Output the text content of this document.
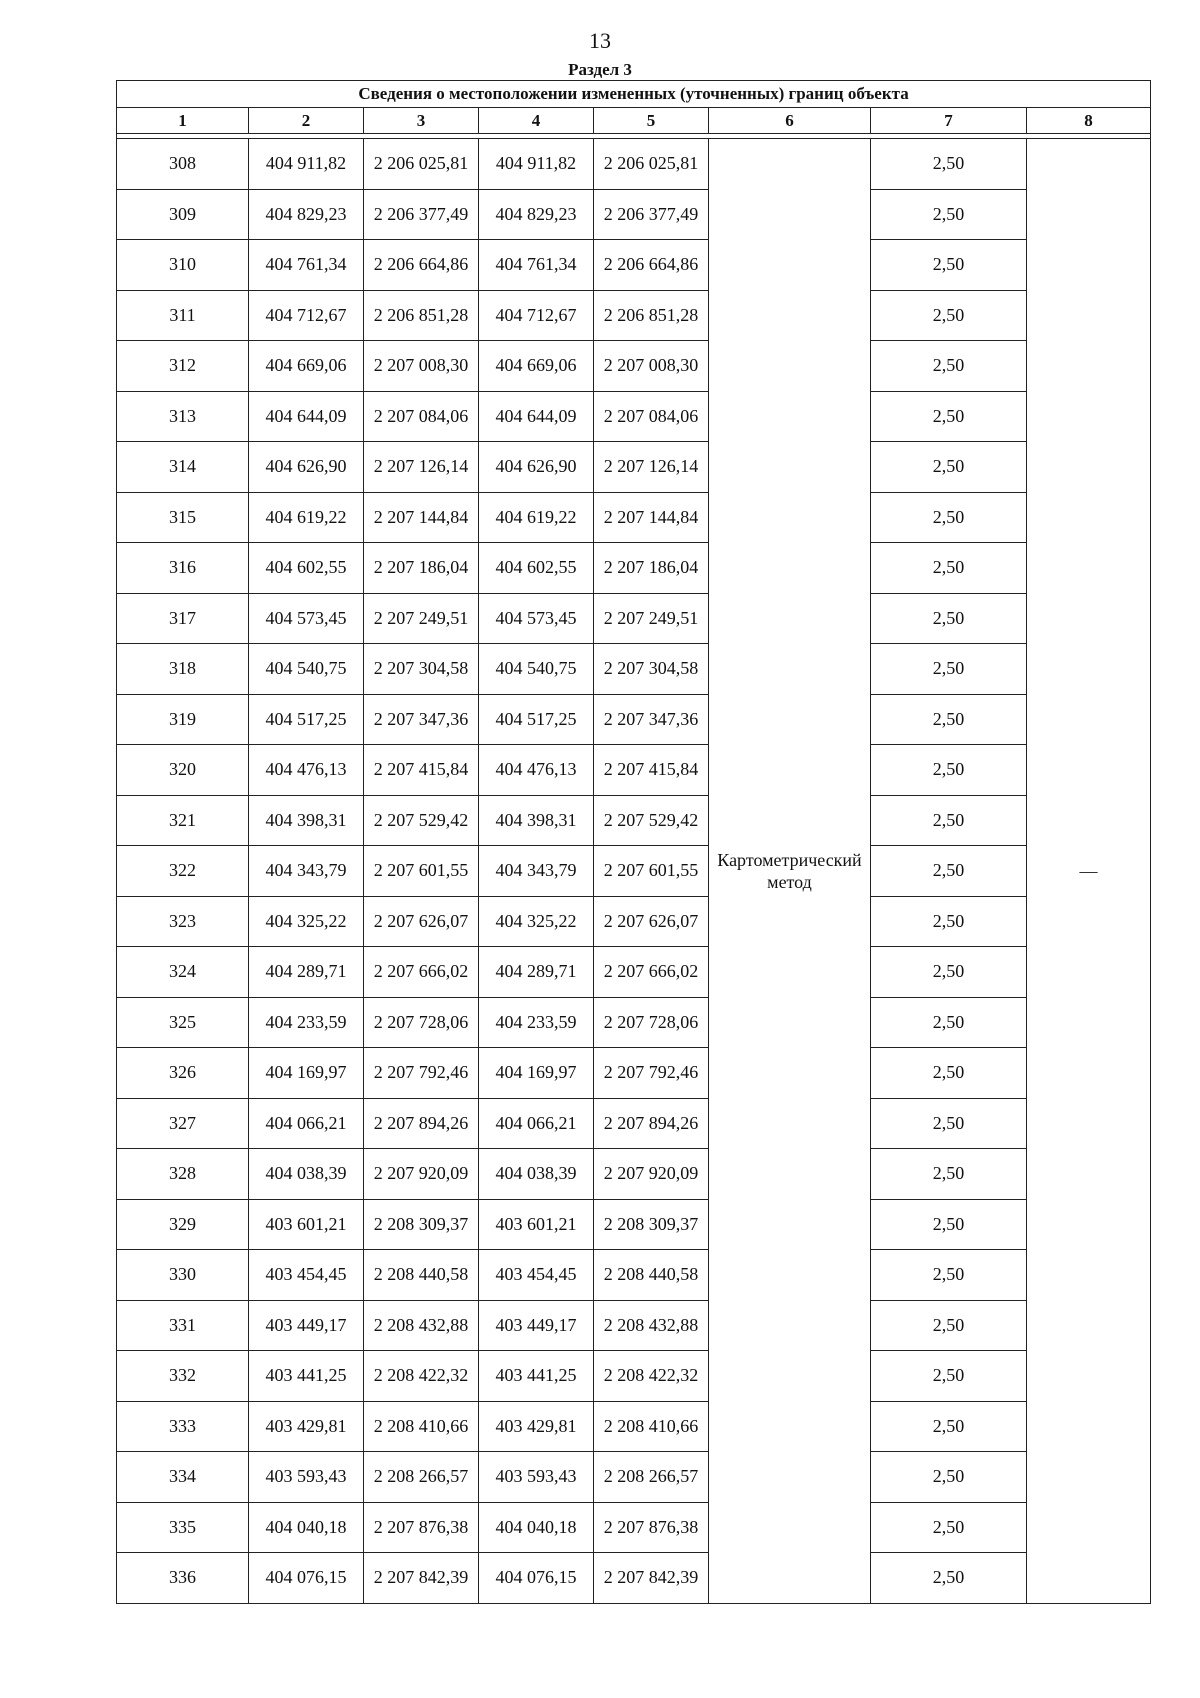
13
Раздел 3
Сведения о местоположении измененных (уточненных) границ объекта							
1	2	3	4	5	6	7	8

308	404 911,82	2 206 025,81	404 911,82	2 206 025,81	Картометрический метод	2,50	—
309	404 829,23	2 206 377,49	404 829,23	2 206 377,49		2,50	
310	404 761,34	2 206 664,86	404 761,34	2 206 664,86		2,50	
311	404 712,67	2 206 851,28	404 712,67	2 206 851,28		2,50	
312	404 669,06	2 207 008,30	404 669,06	2 207 008,30		2,50	
313	404 644,09	2 207 084,06	404 644,09	2 207 084,06		2,50	
314	404 626,90	2 207 126,14	404 626,90	2 207 126,14		2,50	
315	404 619,22	2 207 144,84	404 619,22	2 207 144,84		2,50	
316	404 602,55	2 207 186,04	404 602,55	2 207 186,04		2,50	
317	404 573,45	2 207 249,51	404 573,45	2 207 249,51		2,50	
318	404 540,75	2 207 304,58	404 540,75	2 207 304,58		2,50	
319	404 517,25	2 207 347,36	404 517,25	2 207 347,36		2,50	
320	404 476,13	2 207 415,84	404 476,13	2 207 415,84		2,50	
321	404 398,31	2 207 529,42	404 398,31	2 207 529,42		2,50	
322	404 343,79	2 207 601,55	404 343,79	2 207 601,55		2,50	
323	404 325,22	2 207 626,07	404 325,22	2 207 626,07		2,50	
324	404 289,71	2 207 666,02	404 289,71	2 207 666,02		2,50	
325	404 233,59	2 207 728,06	404 233,59	2 207 728,06		2,50	
326	404 169,97	2 207 792,46	404 169,97	2 207 792,46		2,50	
327	404 066,21	2 207 894,26	404 066,21	2 207 894,26		2,50	
328	404 038,39	2 207 920,09	404 038,39	2 207 920,09		2,50	
329	403 601,21	2 208 309,37	403 601,21	2 208 309,37		2,50	
330	403 454,45	2 208 440,58	403 454,45	2 208 440,58		2,50	
331	403 449,17	2 208 432,88	403 449,17	2 208 432,88		2,50	
332	403 441,25	2 208 422,32	403 441,25	2 208 422,32		2,50	
333	403 429,81	2 208 410,66	403 429,81	2 208 410,66		2,50	
334	403 593,43	2 208 266,57	403 593,43	2 208 266,57		2,50	
335	404 040,18	2 207 876,38	404 040,18	2 207 876,38		2,50	
336	404 076,15	2 207 842,39	404 076,15	2 207 842,39		2,50	
